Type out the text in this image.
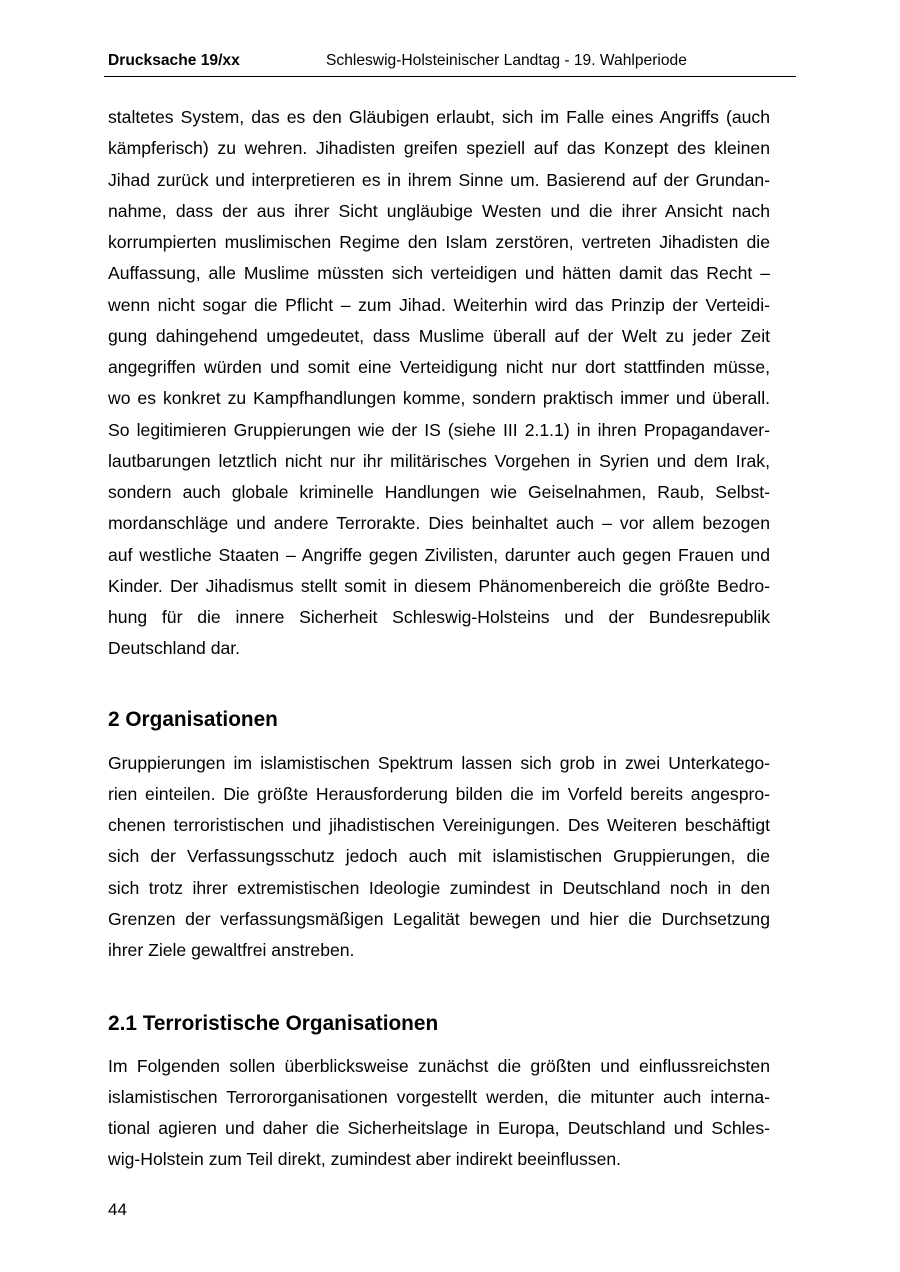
Drucksache 19/xx	Schleswig-Holsteinischer Landtag - 19. Wahlperiode
staltetes System, das es den Gläubigen erlaubt, sich im Falle eines Angriffs (auch
kämpferisch) zu wehren. Jihadisten greifen speziell auf das Konzept des kleinen
Jihad zurück und interpretieren es in ihrem Sinne um. Basierend auf der Grundan-
nahme, dass der aus ihrer Sicht ungläubige Westen und die ihrer Ansicht nach
korrumpierten muslimischen Regime den Islam zerstören, vertreten Jihadisten die
Auffassung, alle Muslime müssten sich verteidigen und hätten damit das Recht –
wenn nicht sogar die Pflicht – zum Jihad. Weiterhin wird das Prinzip der Verteidi-
gung dahingehend umgedeutet, dass Muslime überall auf der Welt zu jeder Zeit
angegriffen würden und somit eine Verteidigung nicht nur dort stattfinden müsse,
wo es konkret zu Kampfhandlungen komme, sondern praktisch immer und überall.
So legitimieren Gruppierungen wie der IS (siehe III 2.1.1) in ihren Propagandaver-
lautbarungen letztlich nicht nur ihr militärisches Vorgehen in Syrien und dem Irak,
sondern auch globale kriminelle Handlungen wie Geiselnahmen, Raub, Selbst-
mordanschläge und andere Terrorakte. Dies beinhaltet auch – vor allem bezogen
auf westliche Staaten – Angriffe gegen Zivilisten, darunter auch gegen Frauen und
Kinder. Der Jihadismus stellt somit in diesem Phänomenbereich die größte Bedro-
hung für die innere Sicherheit Schleswig-Holsteins und der Bundesrepublik
Deutschland dar.
2 Organisationen
Gruppierungen im islamistischen Spektrum lassen sich grob in zwei Unterkatego-
rien einteilen. Die größte Herausforderung bilden die im Vorfeld bereits angespro-
chenen terroristischen und jihadistischen Vereinigungen. Des Weiteren beschäftigt
sich der Verfassungsschutz jedoch auch mit islamistischen Gruppierungen, die
sich trotz ihrer extremistischen Ideologie zumindest in Deutschland noch in den
Grenzen der verfassungsmäßigen Legalität bewegen und hier die Durchsetzung
ihrer Ziele gewaltfrei anstreben.
2.1 Terroristische Organisationen
Im Folgenden sollen überblicksweise zunächst die größten und einflussreichsten
islamistischen Terrororganisationen vorgestellt werden, die mitunter auch interna-
tional agieren und daher die Sicherheitslage in Europa, Deutschland und Schles-
wig-Holstein zum Teil direkt, zumindest aber indirekt beeinflussen.
44
